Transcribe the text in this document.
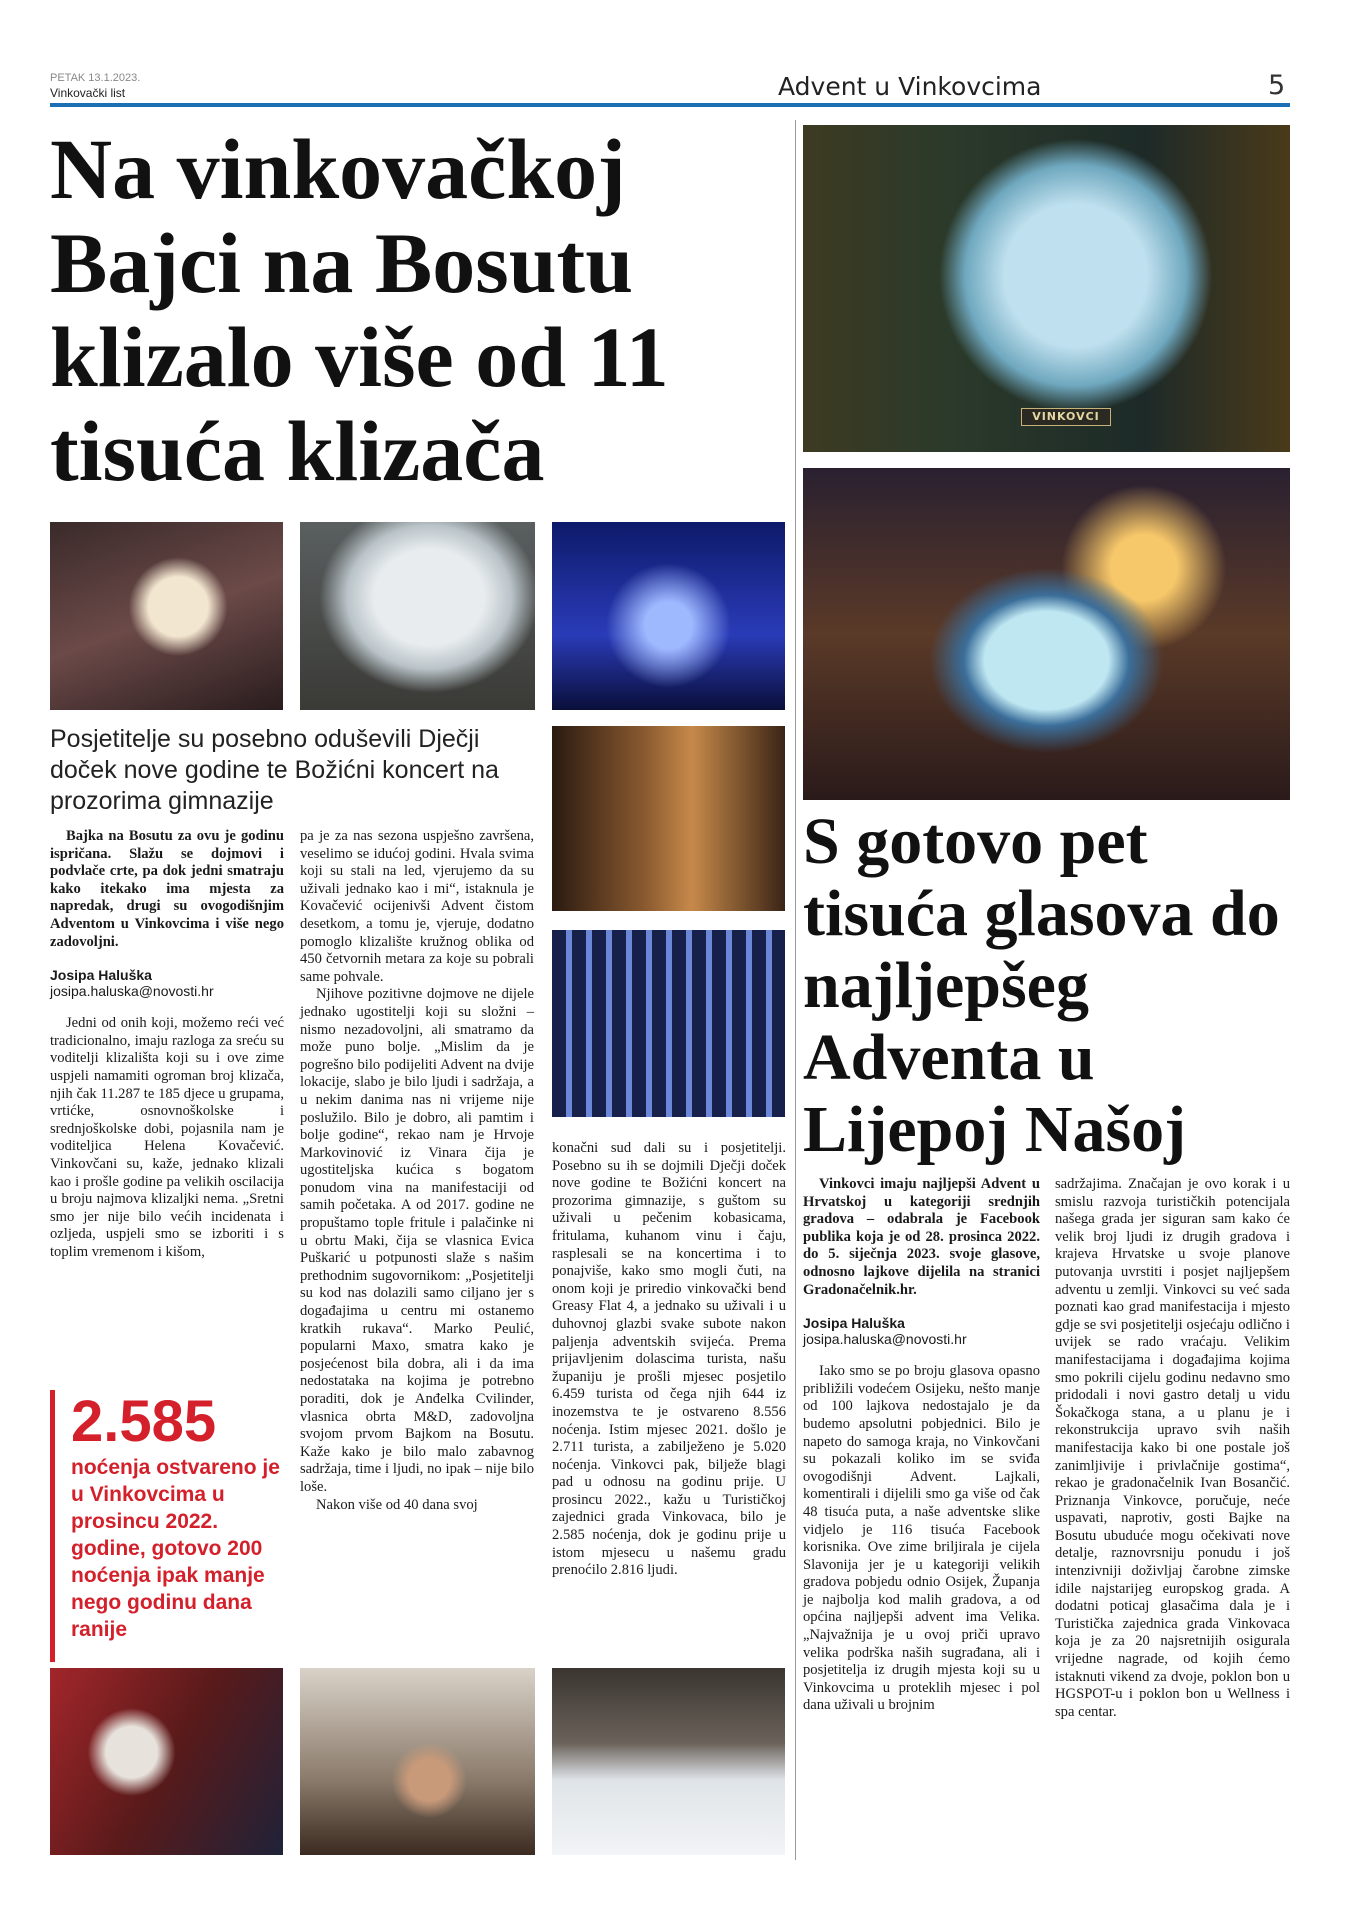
PETAK 13.1.2023.
Vinkovački list	Advent u Vinkovcima	5
Na vinkovačkoj Bajci na Bosutu klizalo više od 11 tisuća klizača
Posjetitelje su posebno oduševili Dječji doček nove godine te Božićni koncert na prozorima gimnazije

Bajka na Bosutu za ovu je godinu ispričana. Slažu se dojmovi i podvlače crte, pa dok jedni smatraju kako itekako ima mjesta za napredak, drugi su ovogodišnjim Adventom u Vinkovcima i više nego zadovoljni.

Josipa Haluška

josipa.haluska@novosti.hr

Jedni od onih koji, možemo reći već tradicionalno, imaju razloga za sreću su voditelji klizališta koji su i ove zime uspjeli namamiti ogroman broj klizača, njih čak 11.287 te 185 djece u grupama, vrtićke, osnovnoškolske i srednjoškolske dobi, pojasnila nam je voditeljica Helena Kovačević. Vinkovčani su, kaže, jednako klizali kao i prošle godine pa velikih oscilacija u broju najmova klizaljki nema. „Sretni smo jer nije bilo većih incidenata i ozljeda, uspjeli smo se izboriti i s toplim vremenom i kišom,

2.585
noćenja ostvareno je u Vinkovcima u prosincu 2022. godine, gotovo 200 noćenja ipak manje nego godinu dana ranije

pa je za nas sezona uspješno završena, veselimo se idućoj godini. Hvala svima koji su stali na led, vjerujemo da su uživali jednako kao i mi“, istaknula je Kovačević ocijenivši Advent čistom desetkom, a tomu je, vjeruje, dodatno pomoglo klizalište kružnog oblika od 450 četvornih metara za koje su pobrali same pohvale.

Njihove pozitivne dojmove ne dijele jednako ugostitelji koji su složni – nismo nezadovoljni, ali smatramo da može puno bolje. „Mislim da je pogrešno bilo podijeliti Advent na dvije lokacije, slabo je bilo ljudi i sadržaja, a u nekim danima nas ni vrijeme nije poslužilo. Bilo je dobro, ali pamtim i bolje godine“, rekao nam je Hrvoje Markovinović iz Vinara čija je ugostiteljska kućica s bogatom ponudom vina na manifestaciji od samih početaka. A od 2017. godine ne propuštamo tople fritule i palačinke ni u obrtu Maki, čija se vlasnica Evica Puškarić u potpunosti slaže s našim prethodnim sugovornikom: „Posjetitelji su kod nas dolazili samo ciljano jer s događajima u centru mi ostanemo kratkih rukava“. Marko Peulić, popularni Maxo, smatra kako je posjećenost bila dobra, ali i da ima nedostataka na kojima je potrebno poraditi, dok je Anđelka Cvilinder, vlasnica obrta M&D, zadovoljna svojom prvom Bajkom na Bosutu. Kaže kako je bilo malo zabavnog sadržaja, time i ljudi, no ipak – nije bilo loše.

Nakon više od 40 dana svoj

konačni sud dali su i posjetitelji. Posebno su ih se dojmili Dječji doček nove godine te Božićni koncert na prozorima gimnazije, s guštom su uživali u pečenim kobasicama, fritulama, kuhanom vinu i čaju, rasplesali se na koncertima i to ponajviše, kako smo mogli čuti, na onom koji je priredio vinkovački bend Greasy Flat 4, a jednako su uživali i u duhovnoj glazbi svake subote nakon paljenja adventskih svijeća. Prema prijavljenim dolascima turista, našu županiju je prošli mjesec posjetilo 6.459 turista od čega njih 644 iz inozemstva te je ostvareno 8.556 noćenja. Istim mjesec 2021. došlo je 2.711 turista, a zabilježeno je 5.020 noćenja. Vinkovci pak, bilježe blagi pad u odnosu na godinu prije. U prosincu 2022., kažu u Turističkoj zajednici grada Vinkovaca, bilo je 2.585 noćenja, dok je godinu prije u istom mjesecu u našemu gradu prenoćilo 2.816 ljudi.

VINKOVCI
S gotovo pet tisuća glasova do najljepšeg Adventa u Lijepoj Našoj

Vinkovci imaju najljepši Advent u Hrvatskoj u kategoriji srednjih gradova – odabrala je Facebook publika koja je od 28. prosinca 2022. do 5. siječnja 2023. svoje glasove, odnosno lajkove dijelila na stranici Gradonačelnik.hr.

Josipa Haluška

josipa.haluska@novosti.hr

Iako smo se po broju glasova opasno približili vodećem Osijeku, nešto manje od 100 lajkova nedostajalo je da budemo apsolutni pobjednici. Bilo je napeto do samoga kraja, no Vinkovčani su pokazali koliko im se sviđa ovogodišnji Advent. Lajkali, komentirali i dijelili smo ga više od čak 48 tisuća puta, a naše adventske slike vidjelo je 116 tisuća Facebook korisnika. Ove zime briljirala je cijela Slavonija jer je u kategoriji velikih gradova pobjedu odnio Osijek, Županja je najbolja kod malih gradova, a od općina najljepši advent ima Velika. „Najvažnija je u ovoj priči upravo velika podrška naših sugrađana, ali i posjetitelja iz drugih mjesta koji su u Vinkovcima u proteklih mjesec i pol dana uživali u brojnim

sadržajima. Značajan je ovo korak i u smislu razvoja turističkih potencijala našega grada jer siguran sam kako će velik broj ljudi iz drugih gradova i krajeva Hrvatske u svoje planove putovanja uvrstiti i posjet najljepšem adventu u zemlji. Vinkovci su već sada poznati kao grad manifestacija i mjesto gdje se svi posjetitelji osjećaju odlično i uvijek se rado vraćaju. Velikim manifestacijama i događajima kojima smo pokrili cijelu godinu nedavno smo pridodali i novi gastro detalj u vidu Šokačkoga stana, a u planu je i rekonstrukcija upravo svih naših manifestacija kako bi one postale još zanimljivije i privlačnije gostima“, rekao je gradonačelnik Ivan Bosančić. Priznanja Vinkovce, poručuje, neće uspavati, naprotiv, gosti Bajke na Bosutu ubuduće mogu očekivati nove detalje, raznovrsniju ponudu i još intenzivniji doživljaj čarobne zimske idile najstarijeg europskog grada. A dodatni poticaj glasačima dala je i Turistička zajednica grada Vinkovaca koja je za 20 najsretnijih osigurala vrijedne nagrade, od kojih ćemo istaknuti vikend za dvoje, poklon bon u HGSPOT-u i poklon bon u Wellness i spa centar.
